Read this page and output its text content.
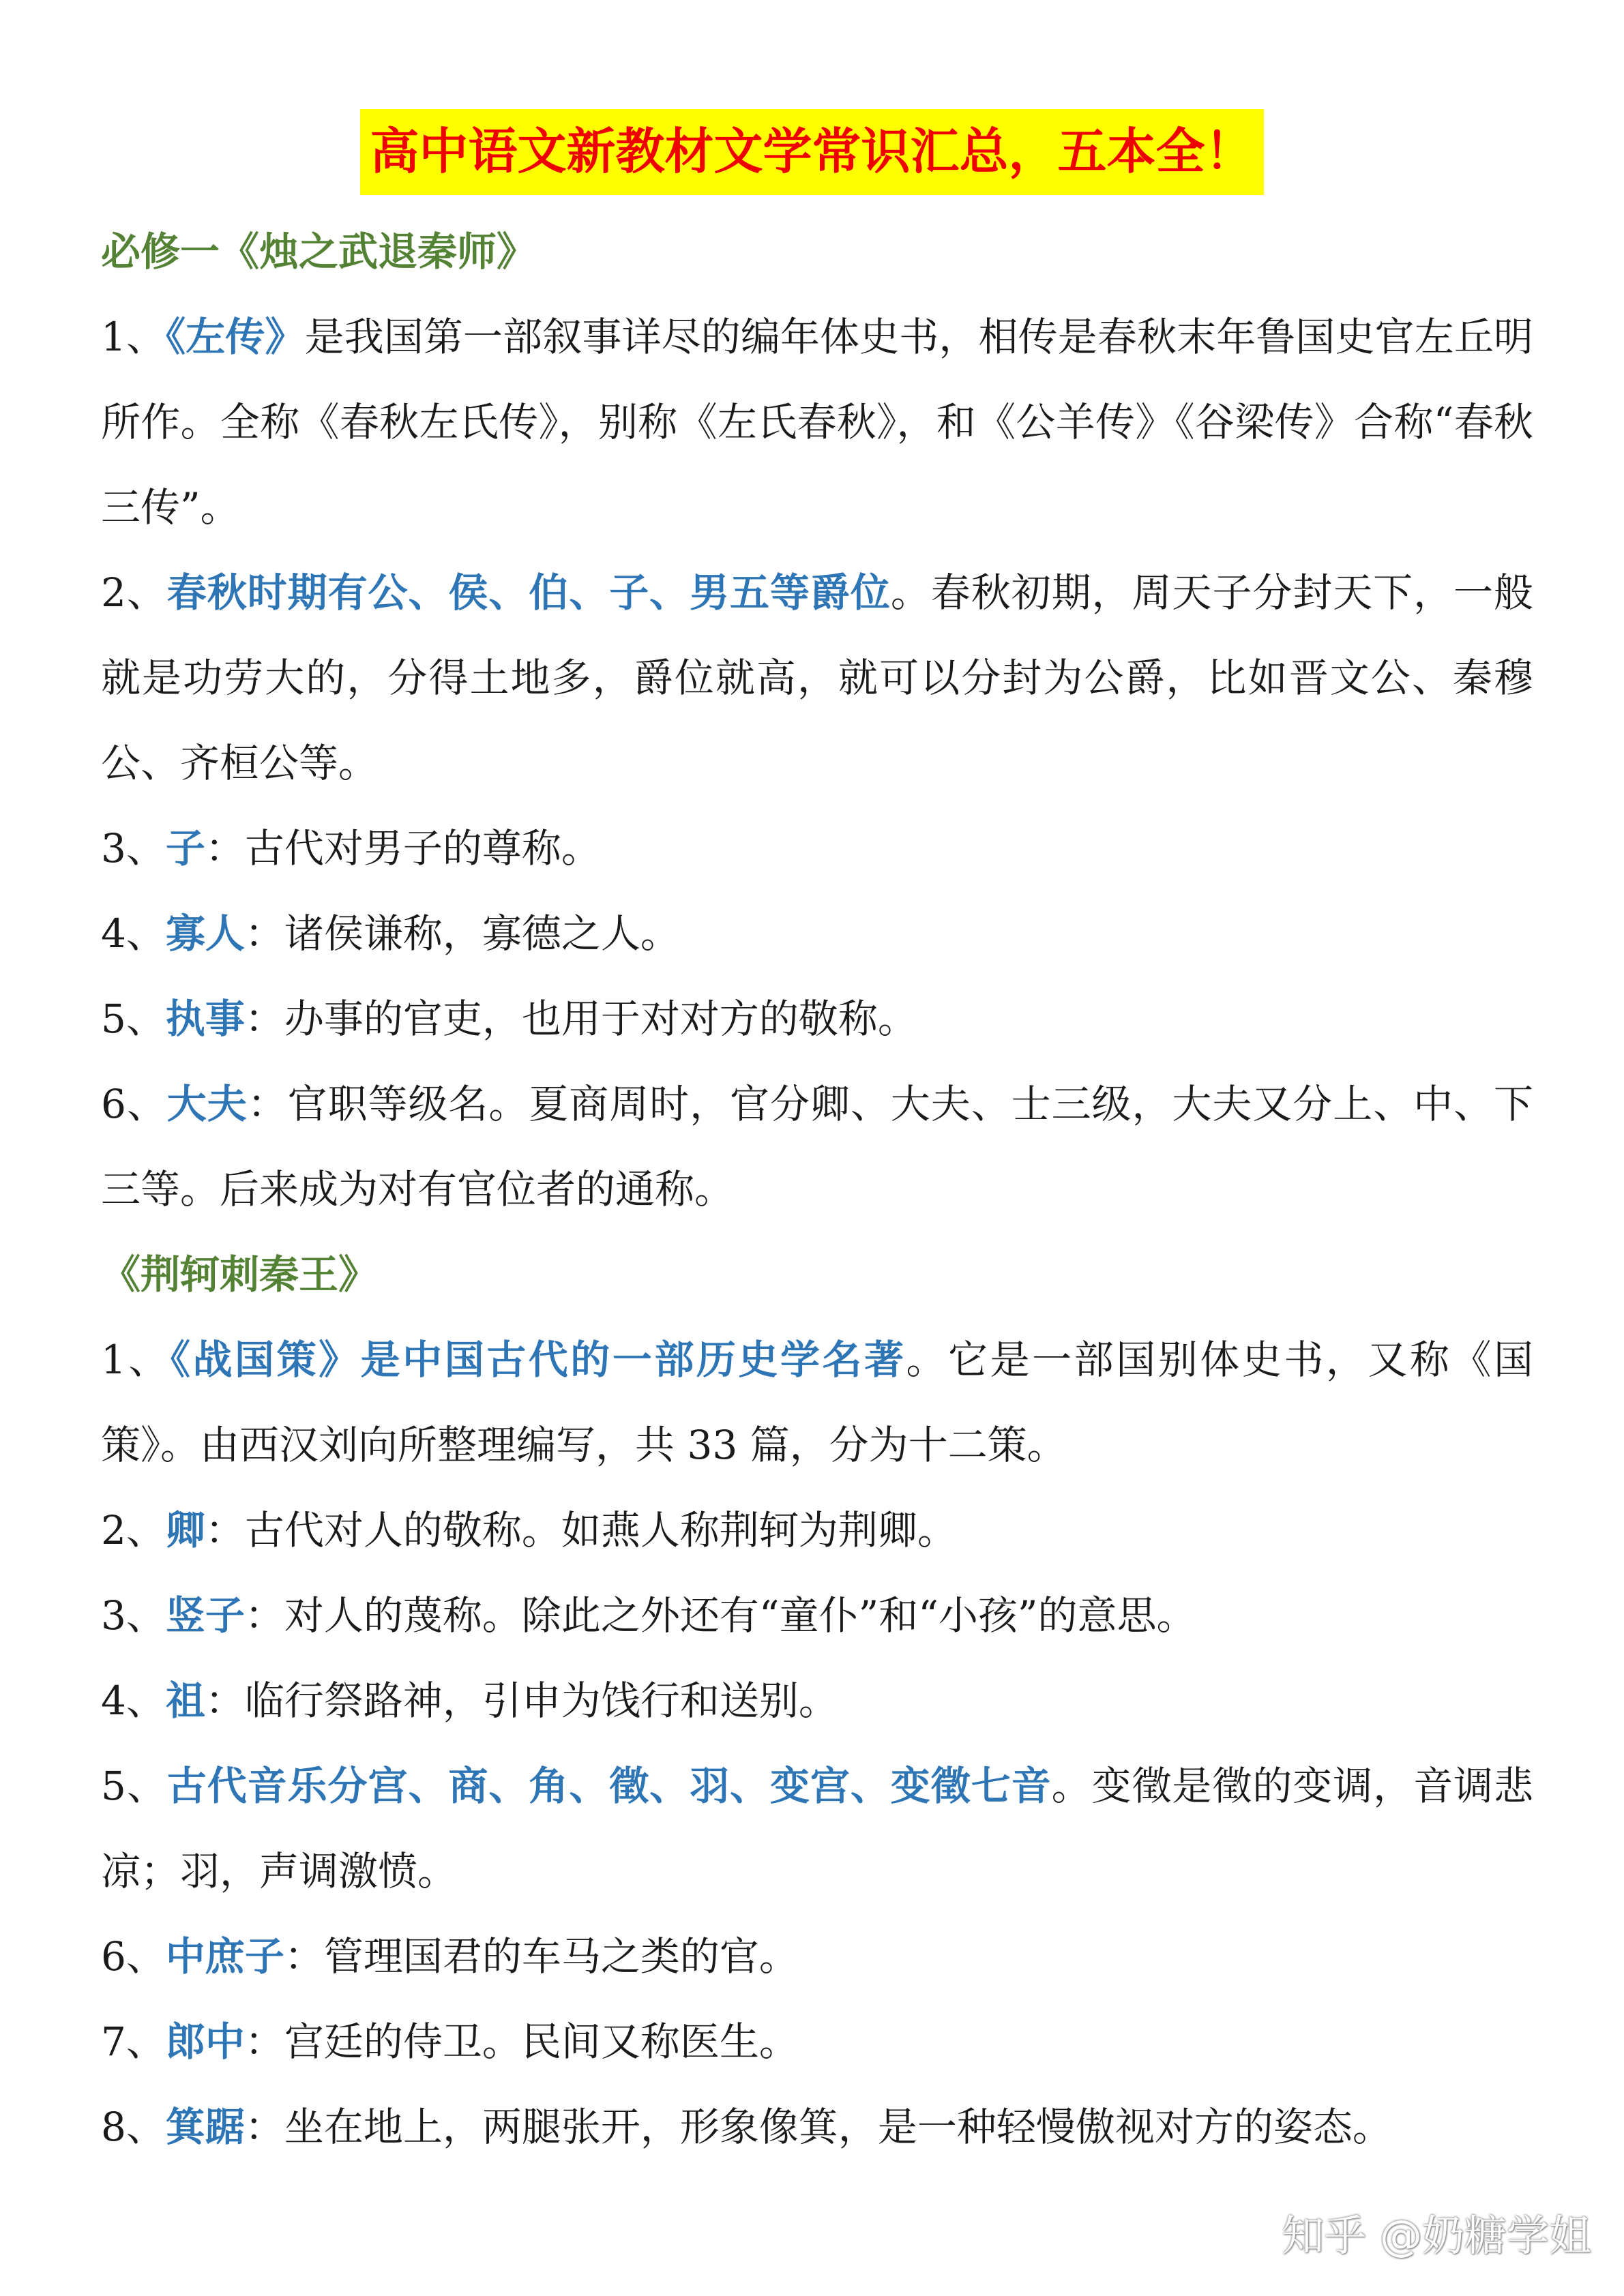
高中语文新教材文学常识汇总，五本全！
必修一《烛之武退秦师》

1、《左传》是我国第一部叙事详尽的编年体史书，相传是春秋末年鲁国史官左丘明所作。全称《春秋左氏传》，别称《左氏春秋》，和《公羊传》《谷梁传》合称“春秋三传”。

2、春秋时期有公、侯、伯、子、男五等爵位。春秋初期，周天子分封天下，一般就是功劳大的，分得土地多，爵位就高，就可以分封为公爵，比如晋文公、秦穆公、齐桓公等。

3、子：古代对男子的尊称。

4、寡人：诸侯谦称，寡德之人。

5、执事：办事的官吏，也用于对对方的敬称。

6、大夫：官职等级名。夏商周时，官分卿、大夫、士三级，大夫又分上、中、下三等。后来成为对有官位者的通称。

《荆轲刺秦王》

1、《战国策》是中国古代的一部历史学名著。它是一部国别体史书，又称《国策》。由西汉刘向所整理编写，共 33 篇，分为十二策。

2、卿：古代对人的敬称。如燕人称荆轲为荆卿。

3、竖子：对人的蔑称。除此之外还有“童仆”和“小孩”的意思。

4、祖：临行祭路神，引申为饯行和送别。

5、古代音乐分宫、商、角、徵、羽、变宫、变徵七音。变徵是徵的变调，音调悲凉；羽，声调激愤。

6、中庶子：管理国君的车马之类的官。

7、郎中：宫廷的侍卫。民间又称医生。

8、箕踞：坐在地上，两腿张开，形象像箕，是一种轻慢傲视对方的姿态。

知乎 @奶糖学姐
